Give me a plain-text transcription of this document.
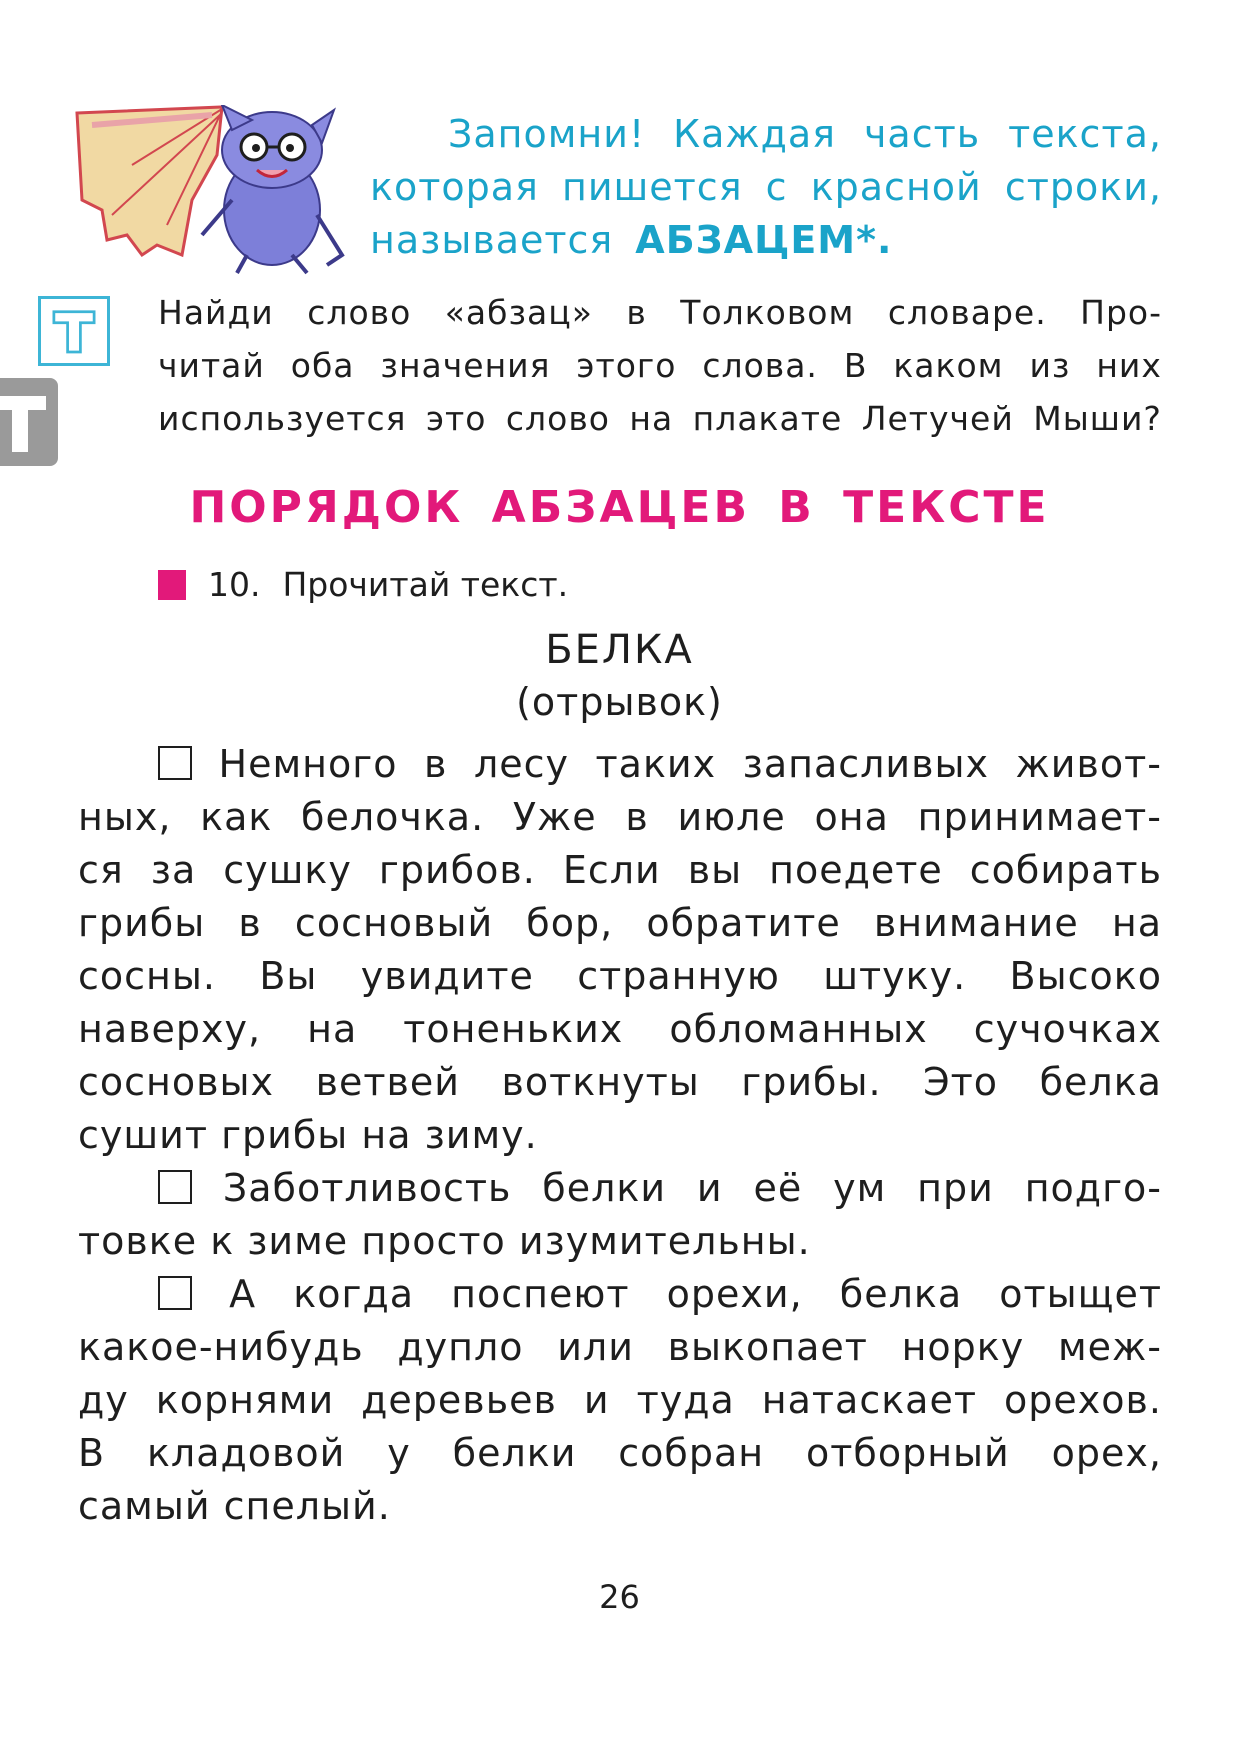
Запомни! Каждая часть текста,
которая пишется с красной строки,
называется АБЗАЦЕМ*.
Найди слово «абзац» в Толковом словаре. Про-
читай оба значения этого слова. В каком из них
используется это слово на плакате Летучей Мыши?
ПОРЯДОК АБЗАЦЕВ В ТЕКСТЕ
10. Прочитай текст.
БЕЛКА
(отрывок)
Немного в лесу таких запасливых живот-
ных, как белочка. Уже в июле она принимает-
ся за сушку грибов. Если вы поедете собирать
грибы в сосновый бор, обратите внимание на
сосны. Вы увидите странную штуку. Высоко
наверху, на тоненьких обломанных сучочках
сосновых ветвей воткнуты грибы. Это белка
сушит грибы на зиму.
Заботливость белки и её ум при подго-
товке к зиме просто изумительны.
А когда поспеют орехи, белка отыщет
какое-нибудь дупло или выкопает норку меж-
ду корнями деревьев и туда натаскает орехов.
В кладовой у белки собран отборный орех,
самый спелый.
26
